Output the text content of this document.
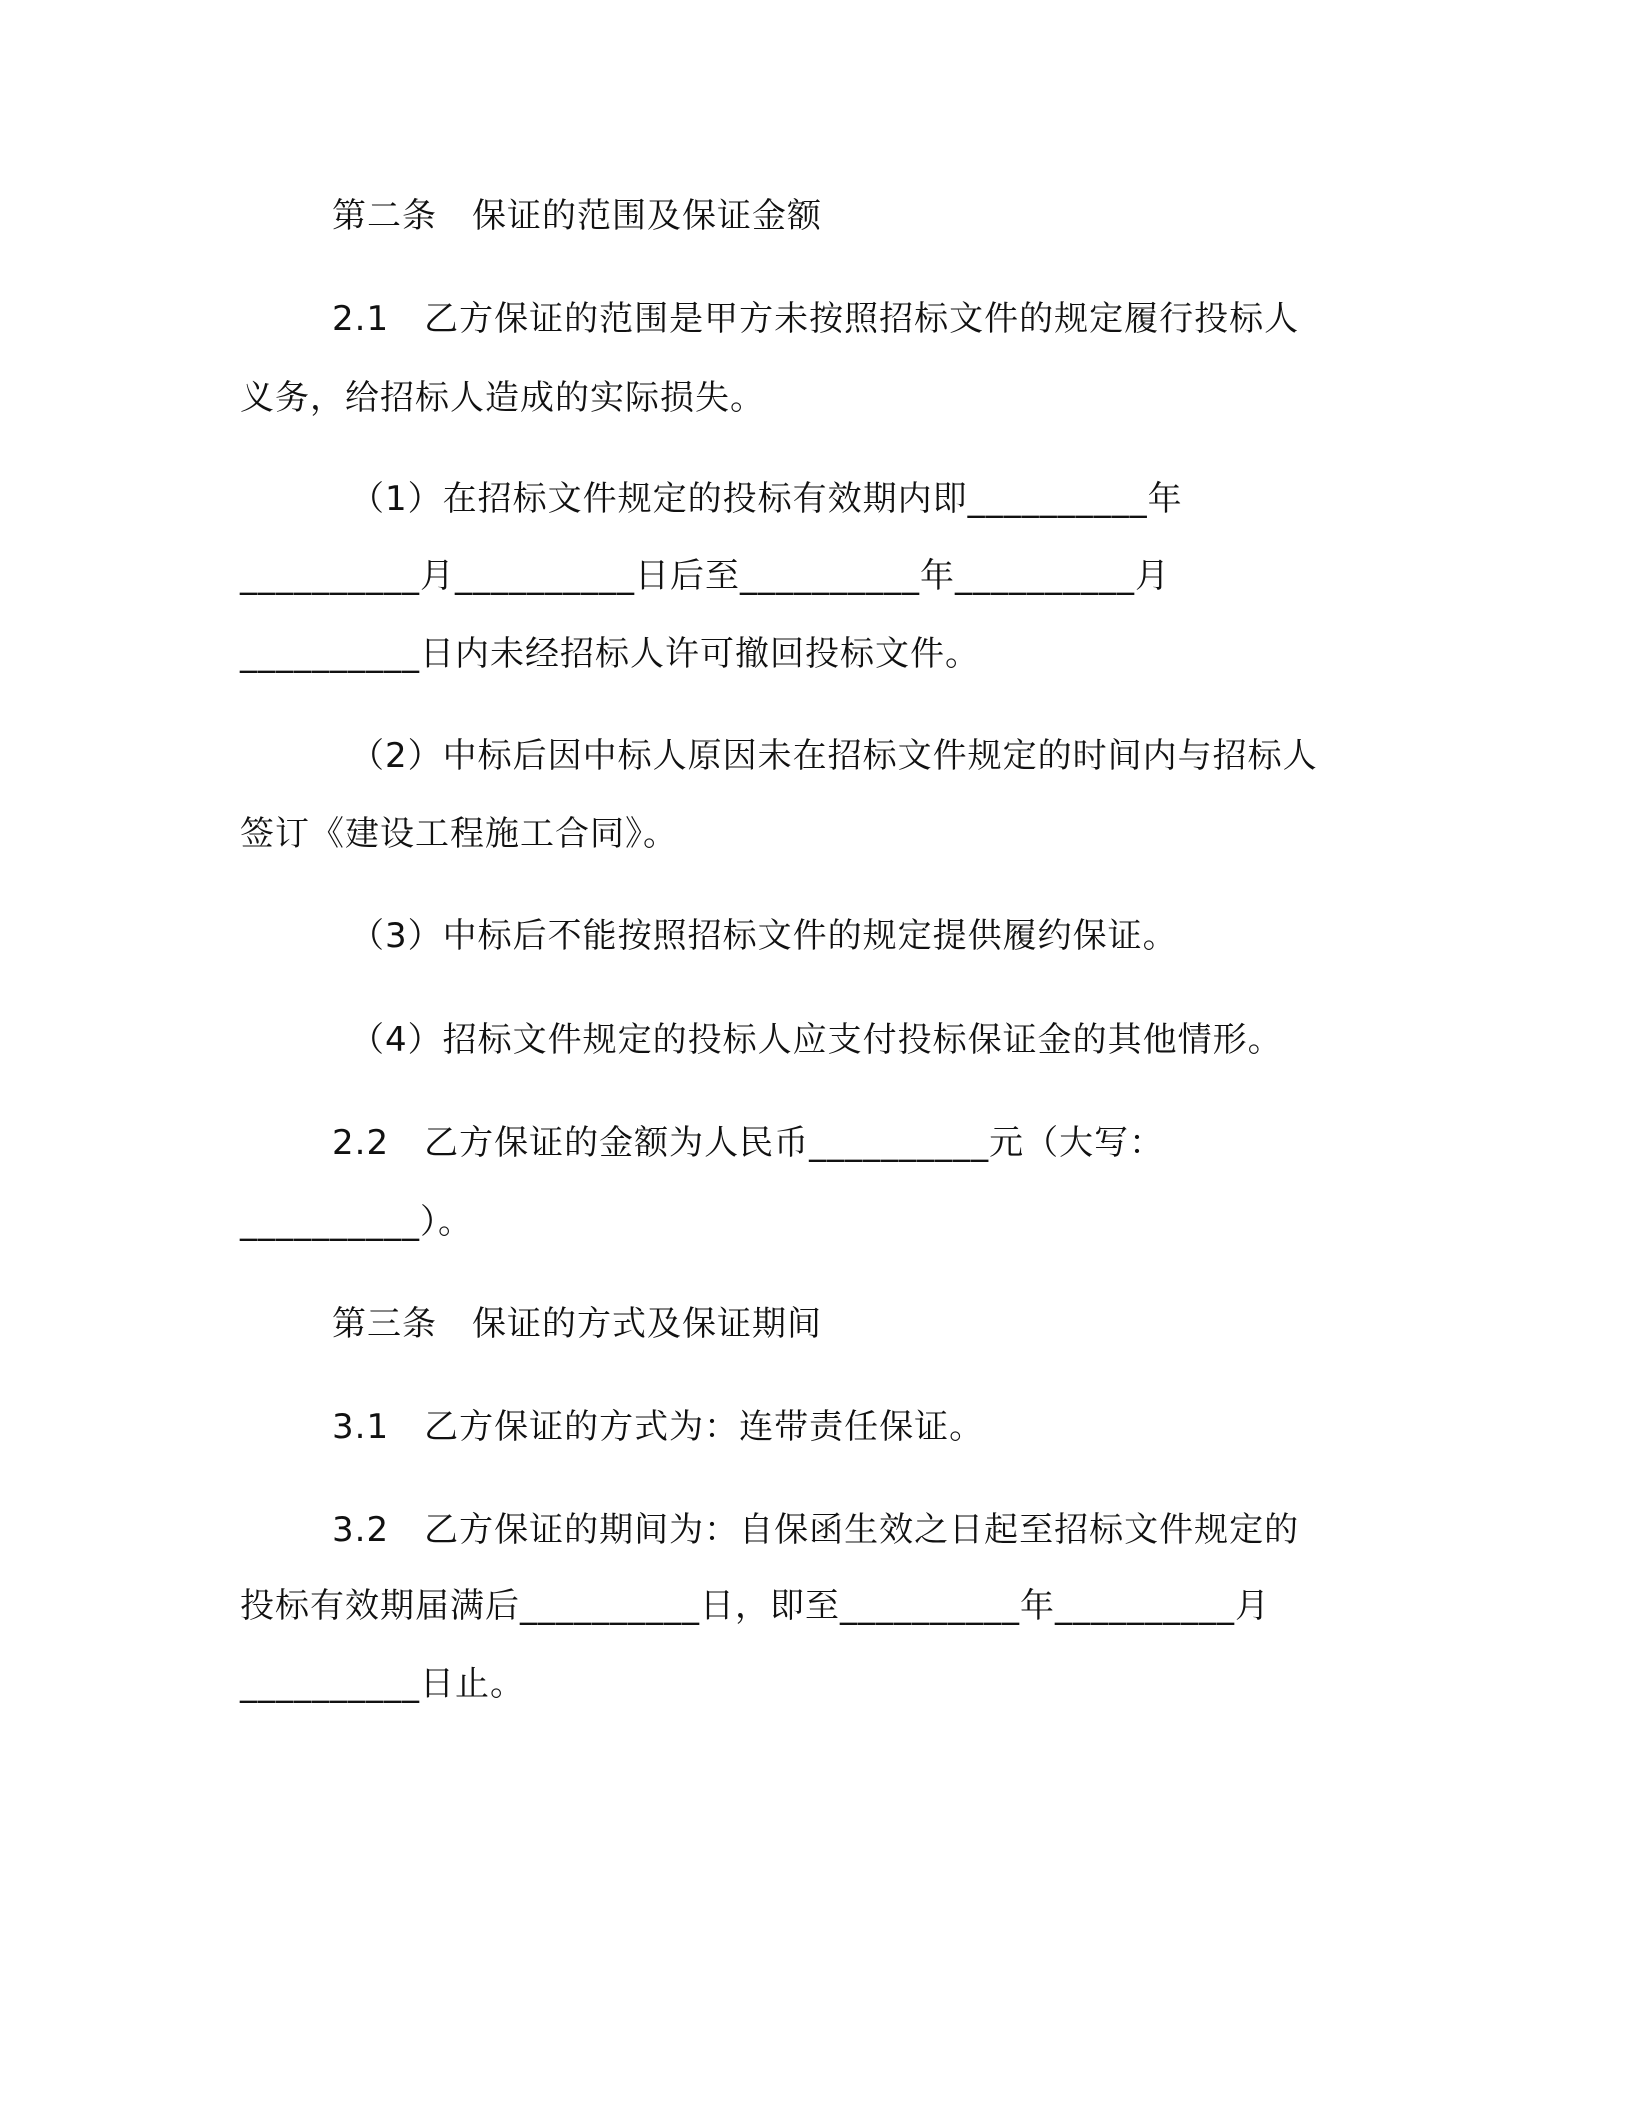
第二条　保证的范围及保证金额
2.1　乙方保证的范围是甲方未按照招标文件的规定履行投标人
义务，给招标人造成的实际损失。
（1）在招标文件规定的投标有效期内即__________年
__________月__________日后至__________年__________月
__________日内未经招标人许可撤回投标文件。
（2）中标后因中标人原因未在招标文件规定的时间内与招标人
签订《建设工程施工合同》。
（3）中标后不能按照招标文件的规定提供履约保证。
（4）招标文件规定的投标人应支付投标保证金的其他情形。
2.2　乙方保证的金额为人民币__________元（大写：
__________）。
第三条　保证的方式及保证期间
3.1　乙方保证的方式为：连带责任保证。
3.2　乙方保证的期间为：自保函生效之日起至招标文件规定的
投标有效期届满后__________日，即至__________年__________月
__________日止。
